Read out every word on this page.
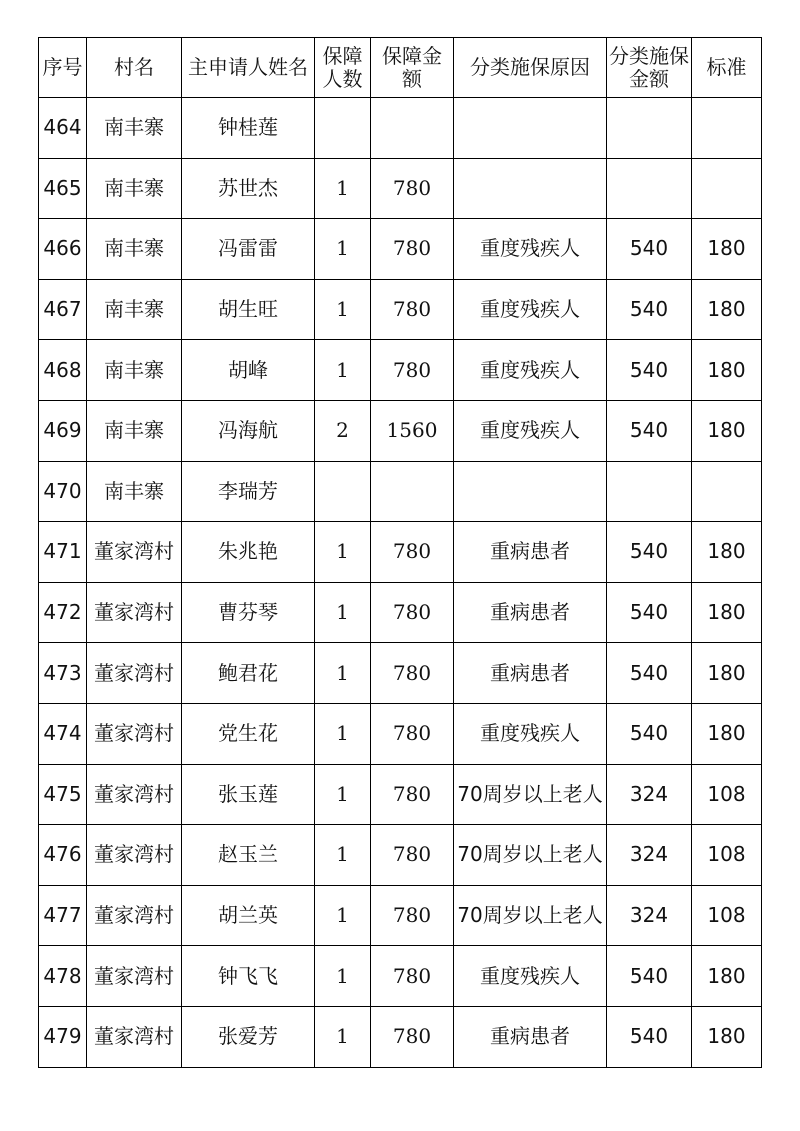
序号	村名	主申请人姓名	保障人数	保障金额	分类施保原因	分类施保金额	标准
464	南丰寨	钟桂莲					
465	南丰寨	苏世杰	1	780			
466	南丰寨	冯雷雷	1	780	重度残疾人	540	180
467	南丰寨	胡生旺	1	780	重度残疾人	540	180
468	南丰寨	胡峰	1	780	重度残疾人	540	180
469	南丰寨	冯海航	2	1560	重度残疾人	540	180
470	南丰寨	李瑞芳					
471	董家湾村	朱兆艳	1	780	重病患者	540	180
472	董家湾村	曹芬琴	1	780	重病患者	540	180
473	董家湾村	鲍君花	1	780	重病患者	540	180
474	董家湾村	党生花	1	780	重度残疾人	540	180
475	董家湾村	张玉莲	1	780	70周岁以上老人	324	108
476	董家湾村	赵玉兰	1	780	70周岁以上老人	324	108
477	董家湾村	胡兰英	1	780	70周岁以上老人	324	108
478	董家湾村	钟飞飞	1	780	重度残疾人	540	180
479	董家湾村	张爱芳	1	780	重病患者	540	180
